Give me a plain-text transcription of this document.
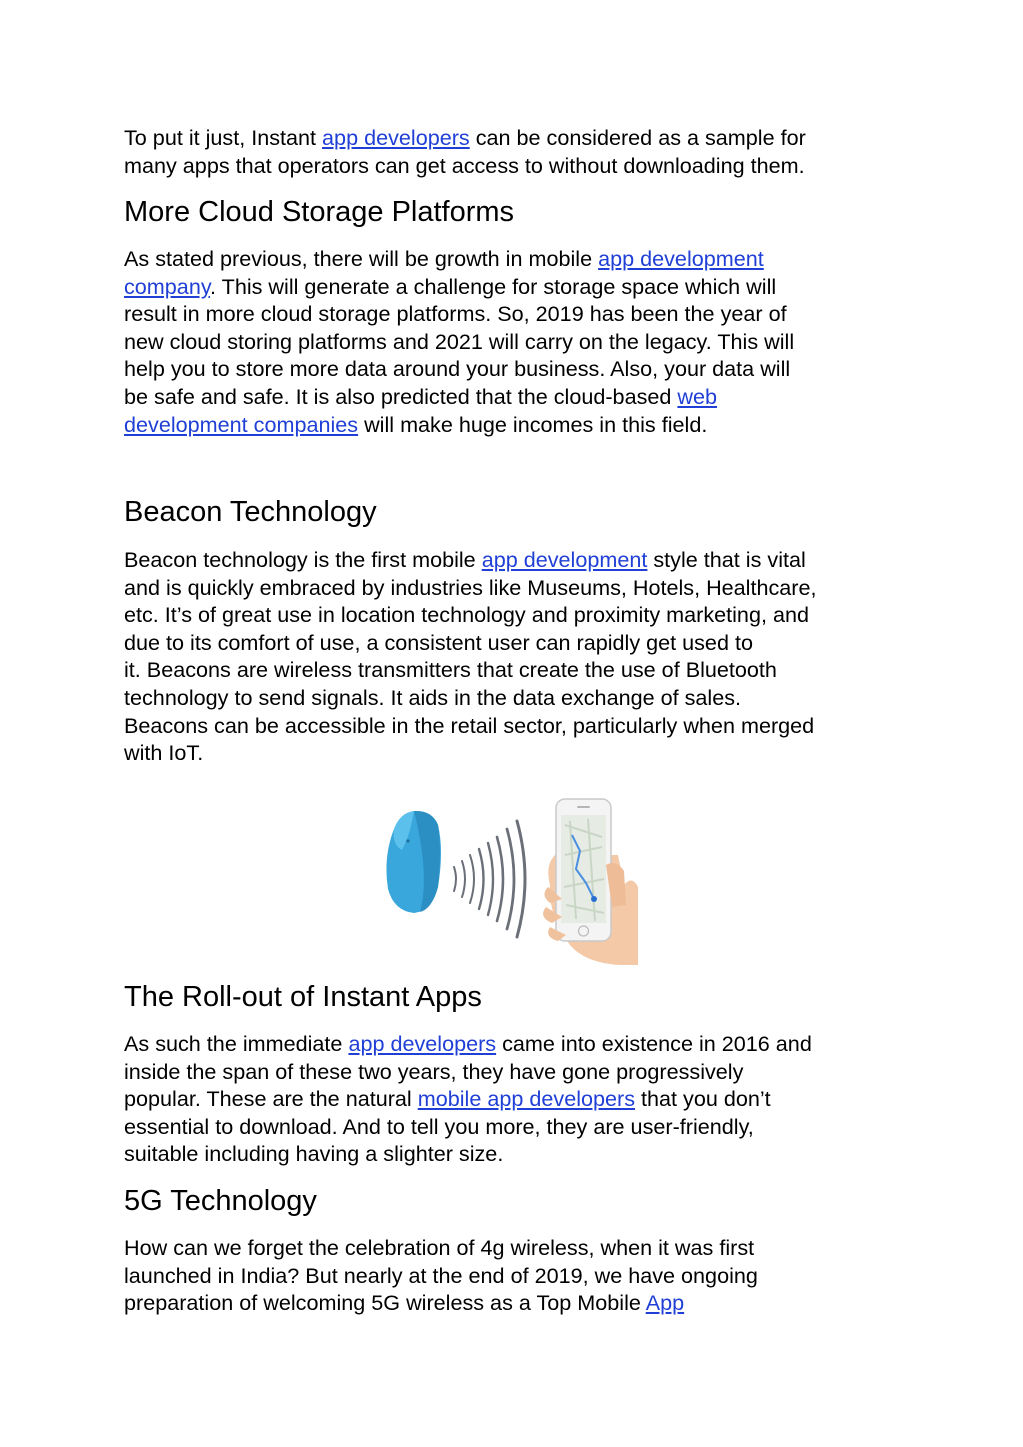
To put it just, Instant app developers can be considered as a sample for
many apps that operators can get access to without downloading them.

More Cloud Storage Platforms

As stated previous, there will be growth in mobile app development
company. This will generate a challenge for storage space which will
result in more cloud storage platforms. So, 2019 has been the year of
new cloud storing platforms and 2021 will carry on the legacy. This will
help you to store more data around your business. Also, your data will
be safe and safe. It is also predicted that the cloud-based web
development companies will make huge incomes in this field.

Beacon Technology

Beacon technology is the first mobile app development style that is vital
and is quickly embraced by industries like Museums, Hotels, Healthcare,
etc. It’s of great use in location technology and proximity marketing, and
due to its comfort of use, a consistent user can rapidly get used to
it. Beacons are wireless transmitters that create the use of Bluetooth
technology to send signals. It aids in the data exchange of sales.
Beacons can be accessible in the retail sector, particularly when merged
with IoT.

The Roll-out of Instant Apps

As such the immediate app developers came into existence in 2016 and
inside the span of these two years, they have gone progressively
popular. These are the natural mobile app developers that you don’t
essential to download. And to tell you more, they are user-friendly,
suitable including having a slighter size.

5G Technology

How can we forget the celebration of 4g wireless, when it was first
launched in India? But nearly at the end of 2019, we have ongoing
preparation of welcoming 5G wireless as a Top Mobile App
